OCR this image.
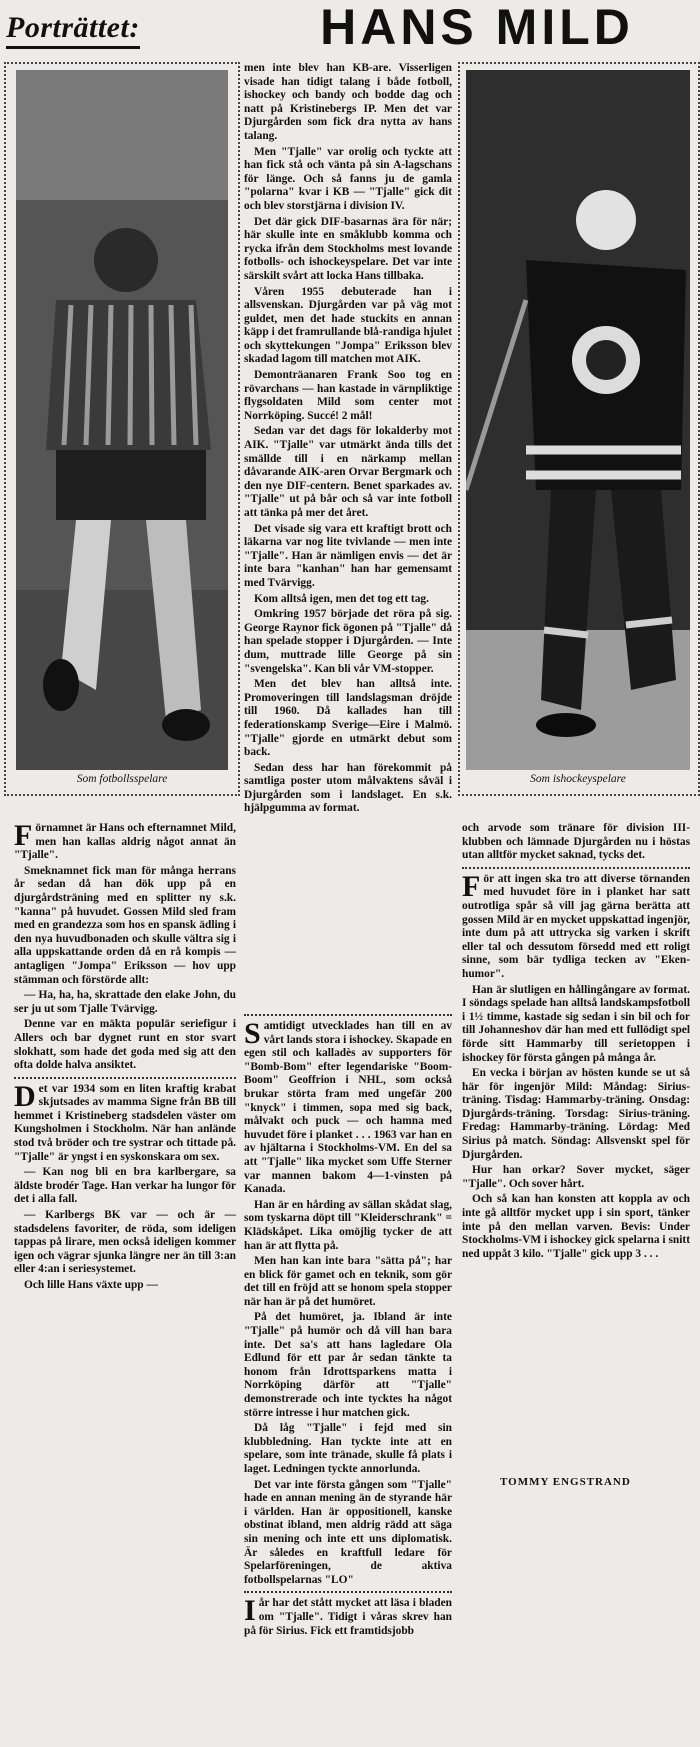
Porträttet:	HANS MILD
Som fotbollsspelare	Som ishockeyspelare

men inte blev han KB-are. Visserligen visade han tidigt talang i både fotboll, ishockey och bandy och bodde dag och natt på Kristinebergs IP. Men det var Djurgården som fick dra nytta av hans talang.

Men "Tjalle" var orolig och tyckte att han fick stå och vänta på sin A-lagschans för länge. Och så fanns ju de gamla "polarna" kvar i KB — "Tjalle" gick dit och blev storstjärna i division IV.

Det där gick DIF-basarnas ära för när; här skulle inte en småklubb komma och rycka ifrån dem Stockholms mest lovande fotbolls- och ishockeyspelare. Det var inte särskilt svårt att locka Hans tillbaka.

Våren 1955 debuterade han i allsvenskan. Djurgården var på väg mot guldet, men det hade stuckits en annan käpp i det framrullande blå-randiga hjulet och skyttekungen "Jompa" Eriksson blev skadad lagom till matchen mot AIK.

Demonträanaren Frank Soo tog en rövarchans — han kastade in värnpliktige flygsoldaten Mild som center mot Norrköping. Succé! 2 mål!

Sedan var det dags för lokalderby mot AIK. "Tjalle" var utmärkt ända tills det smällde till i en närkamp mellan dåvarande AIK-aren Orvar Bergmark och den nye DIF-centern. Benet sparkades av. "Tjalle" ut på bår och så var inte fotboll att tänka på mer det året.

Det visade sig vara ett kraftigt brott och läkarna var nog lite tvivlande — men inte "Tjalle". Han är nämligen envis — det är inte bara "kanhan" han har gemensamt med Tvärvigg.

Kom alltså igen, men det tog ett tag.

Omkring 1957 började det röra på sig. George Raynor fick ögonen på "Tjalle" då han spelade stopper i Djurgården. — Inte dum, muttrade lille George på sin "svengelska". Kan bli vår VM-stopper.

Men det blev han alltså inte. Promoveringen till landslagsman dröjde till 1960. Då kallades han till federationskamp Sverige—Eire i Malmö. "Tjalle" gjorde en utmärkt debut som back.

Sedan dess har han förekommit på samtliga poster utom målvaktens såväl i Djurgården som i landslaget. En s.k. hjälpgumma av format.

Förnamnet är Hans och efternamnet Mild, men han kallas aldrig något annat än "Tjalle".

Smeknamnet fick man för många herrans år sedan då han dök upp på en djurgårdsträning med en splitter ny s.k. "kanna" på huvudet. Gossen Mild sled fram med en grandezza som hos en spansk ädling i den nya huvudbonaden och skulle vältra sig i alla uppskattande orden då en rå kompis — antagligen "Jompa" Eriksson — hov upp stämman och förstörde allt:

— Ha, ha, ha, skrattade den elake John, du ser ju ut som Tjalle Tvärvigg.

Denne var en mäkta populär seriefigur i Allers och bar dygnet runt en stor svart slokhatt, som hade det goda med sig att den ofta dolde halva ansiktet.

Det var 1934 som en liten kraftig krabat skjutsades av mamma Signe från BB till hemmet i Kristineberg stadsdelen väster om Kungsholmen i Stockholm. När han anlände stod två bröder och tre systrar och tittade på. "Tjalle" är yngst i en syskonskara om sex.

— Kan nog bli en bra karlbergare, sa äldste brodér Tage. Han verkar ha lungor för det i alla fall.

— Karlbergs BK var — och är — stadsdelens favoriter, de röda, som ideligen tappas på lirare, men också ideligen kommer igen och vägrar sjunka längre ner än till 3:an eller 4:an i seriesystemet.

Och lille Hans växte upp —

Samtidigt utvecklades han till en av vårt lands stora i ishockey. Skapade en egen stil och kalladès av supporters för "Bomb-Bom" efter legendariske "Boom-Boom" Geoffrion i NHL, som också brukar störta fram med ungefär 200 "knyck" i timmen, sopa med sig back, målvakt och puck — och hamna med huvudet före i planket . . . 1963 var han en av hjältarna i Stockholms-VM. En del sa att "Tjalle" lika mycket som Uffe Sterner var mannen bakom 4—1-vinsten på Kanada.

Han är en hårding av sällan skådat slag, som tyskarna döpt till "Kleiderschrank" = Klädskåpet. Lika omöjlig tycker de att han är att flytta på.

Men han kan inte bara "sätta på"; har en blick för gamet och en teknik, som gör det till en fröjd att se honom spela stopper när han är på det humöret.

På det humöret, ja. Ibland är inte "Tjalle" på humör och då vill han bara inte. Det sa's att hans lagledare Ola Edlund för ett par år sedan tänkte ta honom från Idrottsparkens matta i Norrköping därför att "Tjalle" demonstrerade och inte tycktes ha något större intresse i hur matchen gick.

Då låg "Tjalle" i fejd med sin klubbledning. Han tyckte inte att en spelare, som inte tränade, skulle få plats i laget. Ledningen tyckte annorlunda.

Det var inte första gången som "Tjalle" hade en annan mening än de styrande här i världen. Han är oppositionell, kanske obstinat ibland, men aldrig rädd att säga sin mening och inte ett uns diplomatisk. Är således en kraftfull ledare för Spelarföreningen, de aktiva fotbollspelarnas "LO"

Iår har det stått mycket att läsa i bladen om "Tjalle". Tidigt i våras skrev han på för Sirius. Fick ett framtidsjobb

och arvode som tränare för division III-klubben och lämnade Djurgården nu i höstas utan alltför mycket saknad, tycks det.

För att ingen ska tro att diverse törnanden med huvudet före in i planket har satt outrotliga spår så vill jag gärna berätta att gossen Mild är en mycket uppskattad ingenjör, inte dum på att uttrycka sig varken i skrift eller tal och dessutom försedd med ett roligt sinne, som bär tydliga tecken av "Eken-humor".

Han är slutligen en hållingångare av format. I söndags spelade han alltså landskampsfotboll i 1½ timme, kastade sig sedan i sin bil och for till Johanneshov där han med ett fullödigt spel förde sitt Hammarby till serietoppen i ishockey för första gången på många år.

En vecka i början av hösten kunde se ut så här för ingenjör Mild: Måndag: Sirius-träning. Tisdag: Hammarby-träning. Onsdag: Djurgårds-träning. Torsdag: Sirius-träning. Fredag: Hammarby-träning. Lördag: Med Sirius på match. Söndag: Allsvenskt spel för Djurgården.

Hur han orkar? Sover mycket, säger "Tjalle". Och sover hårt.

Och så kan han konsten att koppla av och inte gå alltför mycket upp i sin sport, tänker inte på den mellan varven. Bevis: Under Stockholms-VM i ishockey gick spelarna i snitt ned uppåt 3 kilo. "Tjalle" gick upp 3 . . .

TOMMY ENGSTRAND
